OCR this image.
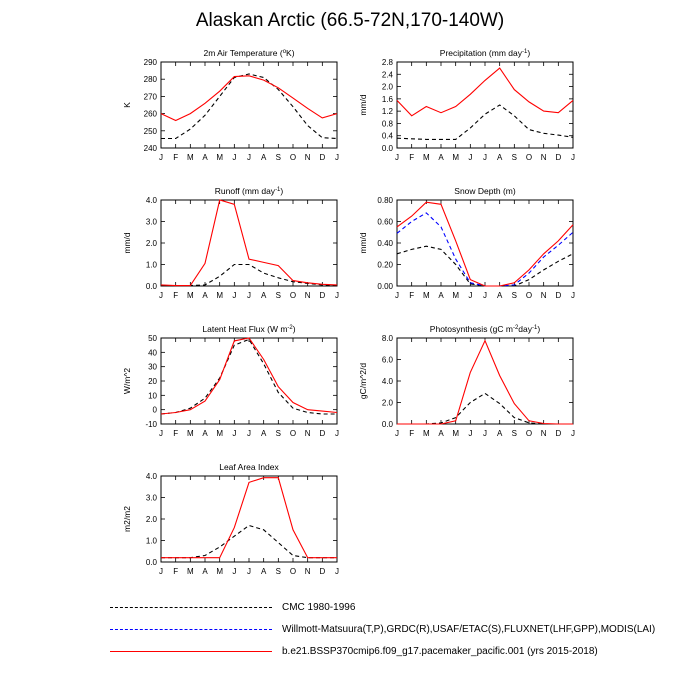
Alaskan Arctic (66.5-72N,170-140W)
2m Air Temperature ($^o$K)
K
240
250
260
270
280
290
J F M A M J J A S O N D J
Precipitation (mm day$^{-1}$)
mm/d
0.0
0.4
0.8
1.2
1.6
2.0
2.4
2.8
J F M A M J J A S O N D J
Runoff (mm day$^{-1}$)
mm/d
0.0
1.0
2.0
3.0
4.0
J F M A M J J A S O N D J
Snow Depth (m)
mm/d
0.00
0.20
0.40
0.60
0.80
J F M A M J J A S O N D J
Latent Heat Flux (W $m^{-2}$)
W/m^2
-10
0
10
20
30
40
50
J F M A M J J A S O N D J
Photosynthesis (gC $m^{-2}day^{-1}$)
gC/m^2/d
0.0
2.0
4.0
6.0
8.0
J F M A M J J A S O N D J
Leaf Area Index
m2/m2
0.0
1.0
2.0
3.0
4.0
J F M A M J J A S O N D J
CMC 1980-1996
Willmott-Matsuura(T,P),GRDC(R),USAF/ETAC(S),FLUXNET(LHF,GPP),MODIS(LAI)
b.e21.BSSP370cmip6.f09_g17.pacemaker_pacific.001 (yrs 2015-2018)
